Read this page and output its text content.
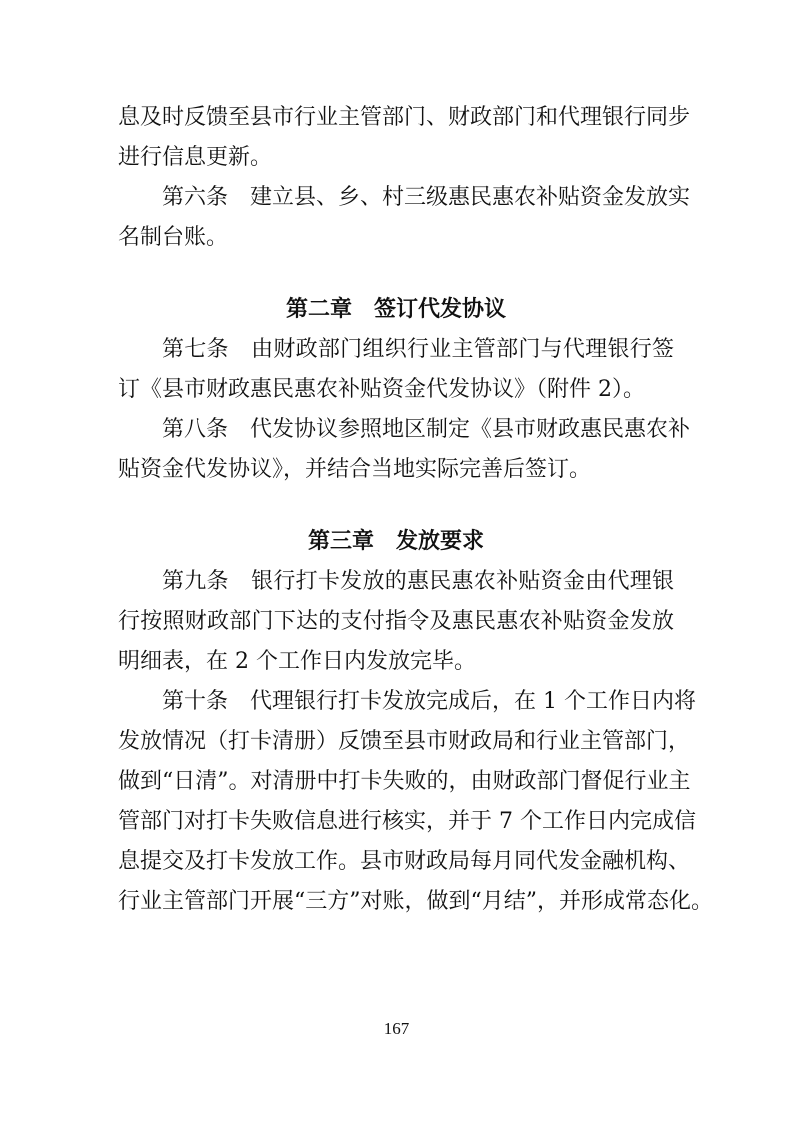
息及时反馈至县市行业主管部门、财政部门和代理银行同步
进行信息更新。
第六条　建立县、乡、村三级惠民惠农补贴资金发放实
名制台账。
第二章　签订代发协议
第七条　由财政部门组织行业主管部门与代理银行签
订《县市财政惠民惠农补贴资金代发协议》（附件 2）。
第八条　代发协议参照地区制定《县市财政惠民惠农补
贴资金代发协议》，并结合当地实际完善后签订。
第三章　发放要求
第九条　银行打卡发放的惠民惠农补贴资金由代理银
行按照财政部门下达的支付指令及惠民惠农补贴资金发放
明细表，在 2 个工作日内发放完毕。
第十条　代理银行打卡发放完成后，在 1 个工作日内将
发放情况（打卡清册）反馈至县市财政局和行业主管部门，
做到“日清”。对清册中打卡失败的，由财政部门督促行业主
管部门对打卡失败信息进行核实，并于 7 个工作日内完成信
息提交及打卡发放工作。县市财政局每月同代发金融机构、
行业主管部门开展“三方”对账，做到“月结”，并形成常态化。
167
